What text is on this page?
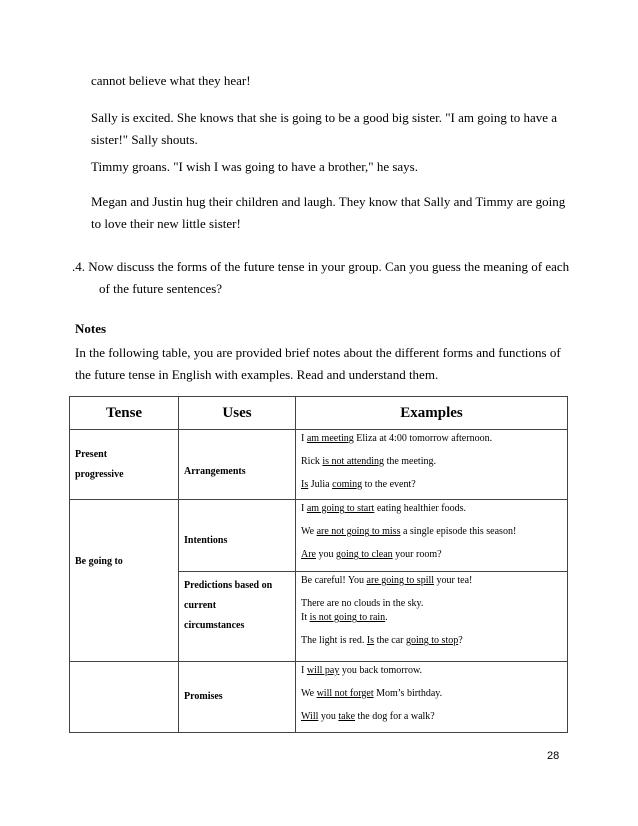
cannot believe what they hear!

Sally is excited. She knows that she is going to be a good big sister. "I am going to have a sister!" Sally shouts.

Timmy groans. "I wish I was going to have a brother," he says.

Megan and Justin hug their children and laugh. They know that Sally and Timmy are going to love their new little sister!

.4. Now discuss the forms of the future tense in your group. Can you guess the meaning of each
of the future sentences?

Notes

In the following table, you are provided brief notes about the different forms and functions of the future tense in English with examples. Read and understand them.

Tense	Uses	Examples

Present
progressive	Arrangements	I am meeting Eliza at 4:00 tomorrow afternoon.
Rick is not attending the meeting.
Is Julia coming to the event?

Be going to	Intentions	I am going to start eating healthier foods.
We are not going to miss a single episode this season!
Are you going to clean your room?

	Predictions based on
current
circumstances	Be careful! You are going to spill your tea!
There are no clouds in the sky.
It is not going to rain.
The light is red. Is the car going to stop?

	Promises	I will pay you back tomorrow.
We will not forget Mom’s birthday.
Will you take the dog for a walk?
28
